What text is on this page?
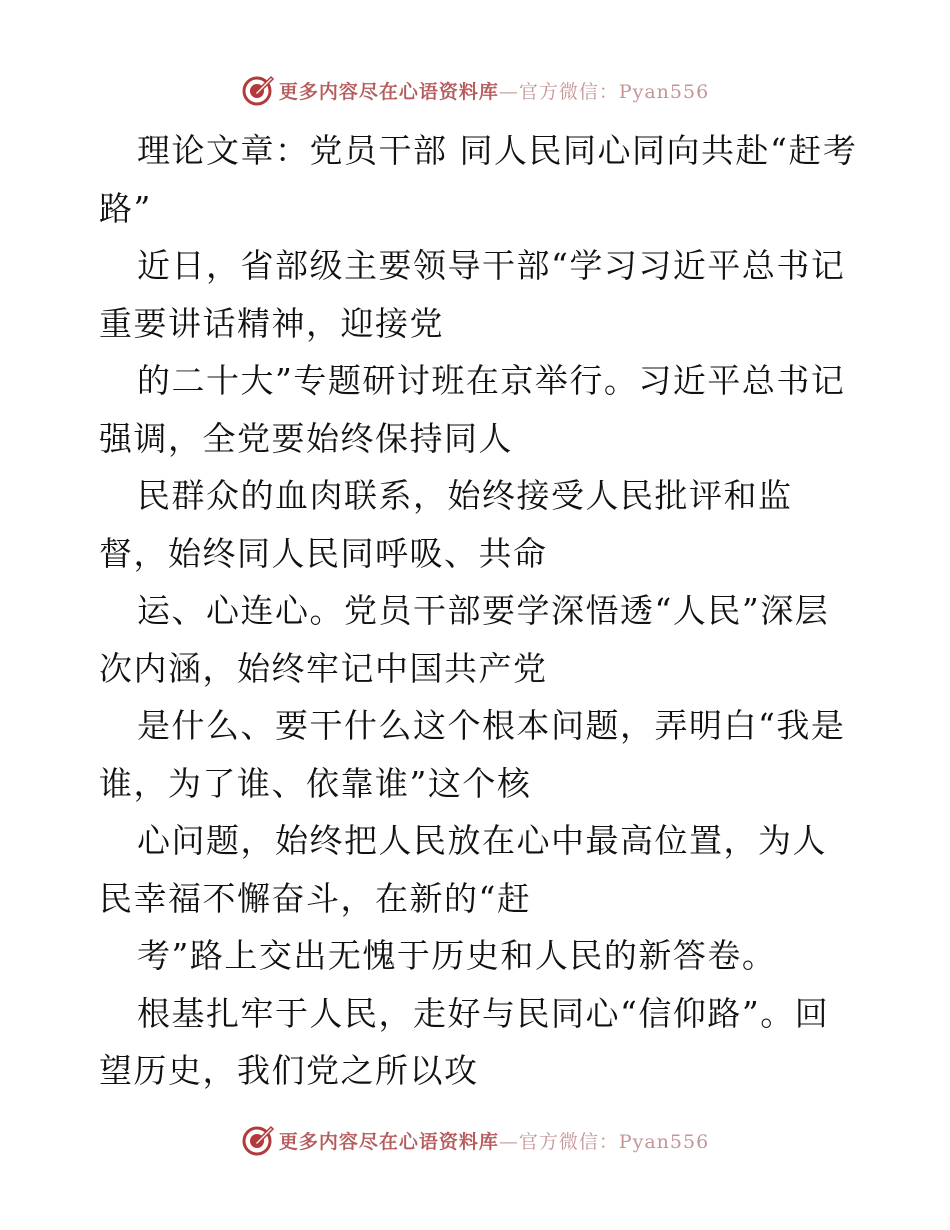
更多内容尽在心语资料库—官方微信：Pyan556

理论文章：党员干部 同人民同心同向共赴“赶考路”

近日，省部级主要领导干部“学习习近平总书记重要讲话精神，迎接党

的二十大”专题研讨班在京举行。习近平总书记强调，全党要始终保持同人

民群众的血肉联系，始终接受人民批评和监督，始终同人民同呼吸、共命

运、心连心。党员干部要学深悟透“人民”深层次内涵，始终牢记中国共产党

是什么、要干什么这个根本问题，弄明白“我是谁，为了谁、依靠谁”这个核

心问题，始终把人民放在心中最高位置，为人民幸福不懈奋斗，在新的“赶

考”路上交出无愧于历史和人民的新答卷。

根基扎牢于人民，走好与民同心“信仰路”。回望历史，我们党之所以攻

更多内容尽在心语资料库—官方微信：Pyan556
